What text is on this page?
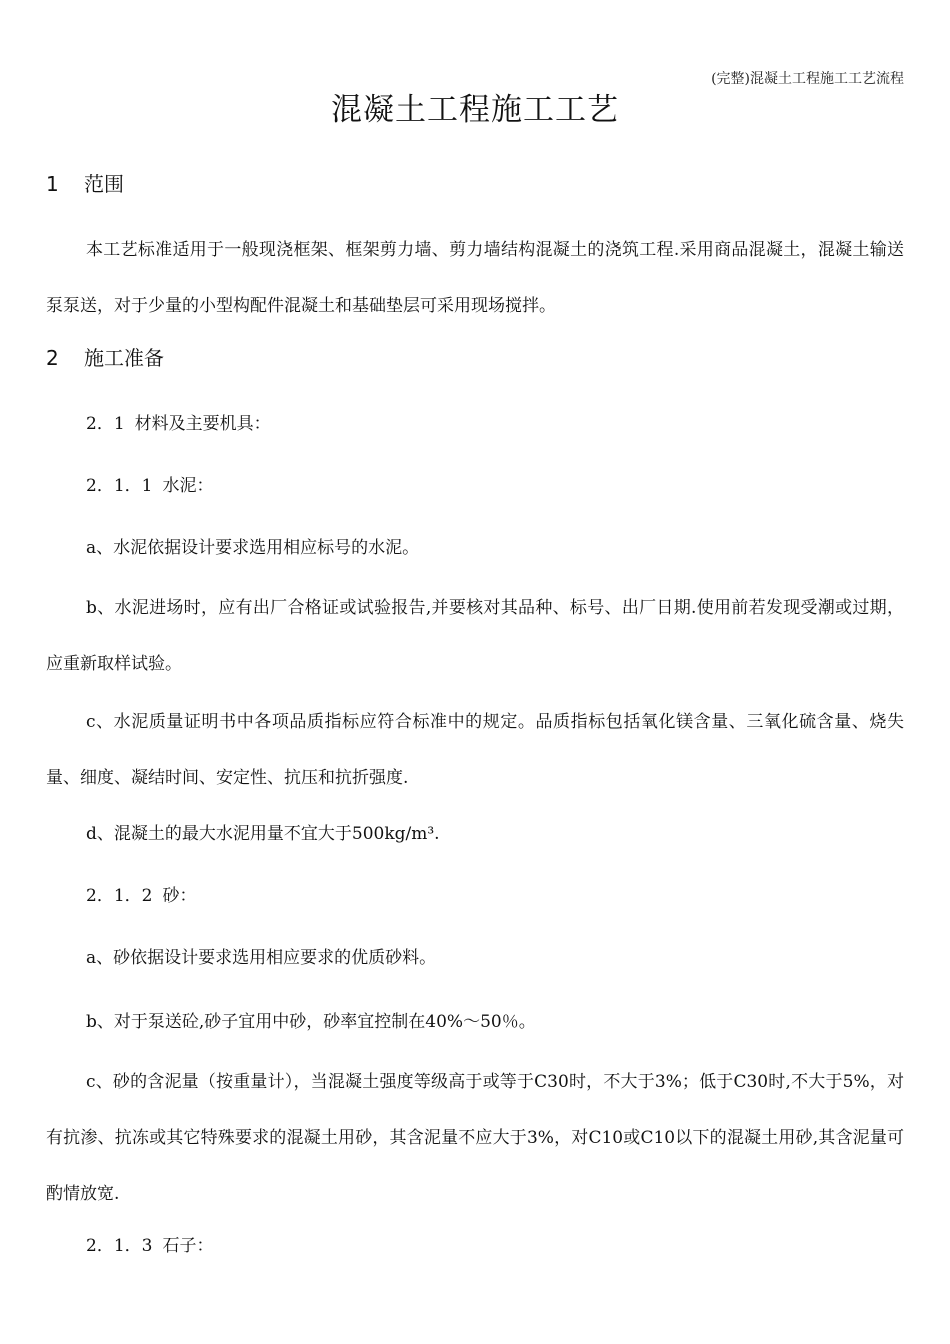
(完整)混凝土工程施工工艺流程
混凝土工程施工工艺
1 范围

本工艺标准适用于一般现浇框架、框架剪力墙、剪力墙结构混凝土的浇筑工程.采用商品混凝土，混凝土输送泵泵送，对于少量的小型构配件混凝土和基础垫层可采用现场搅拌。

2 施工准备
2．1 材料及主要机具：
2．1．1 水泥：
a、水泥依据设计要求选用相应标号的水泥。

b、水泥进场时，应有出厂合格证或试验报告,并要核对其品种、标号、出厂日期.使用前若发现受潮或过期，应重新取样试验。

c、水泥质量证明书中各项品质指标应符合标准中的规定。品质指标包括氧化镁含量、三氧化硫含量、烧失量、细度、凝结时间、安定性、抗压和抗折强度.

d、混凝土的最大水泥用量不宜大于500kg/m³.
2．1．2 砂：
a、砂依据设计要求选用相应要求的优质砂料。
b、对于泵送砼,砂子宜用中砂，砂率宜控制在40%～50％。

c、砂的含泥量（按重量计），当混凝土强度等级高于或等于C30时，不大于3%；低于C30时,不大于5%，对有抗渗、抗冻或其它特殊要求的混凝土用砂，其含泥量不应大于3%，对C10或C10以下的混凝土用砂,其含泥量可酌情放宽.

2．1．3 石子：
